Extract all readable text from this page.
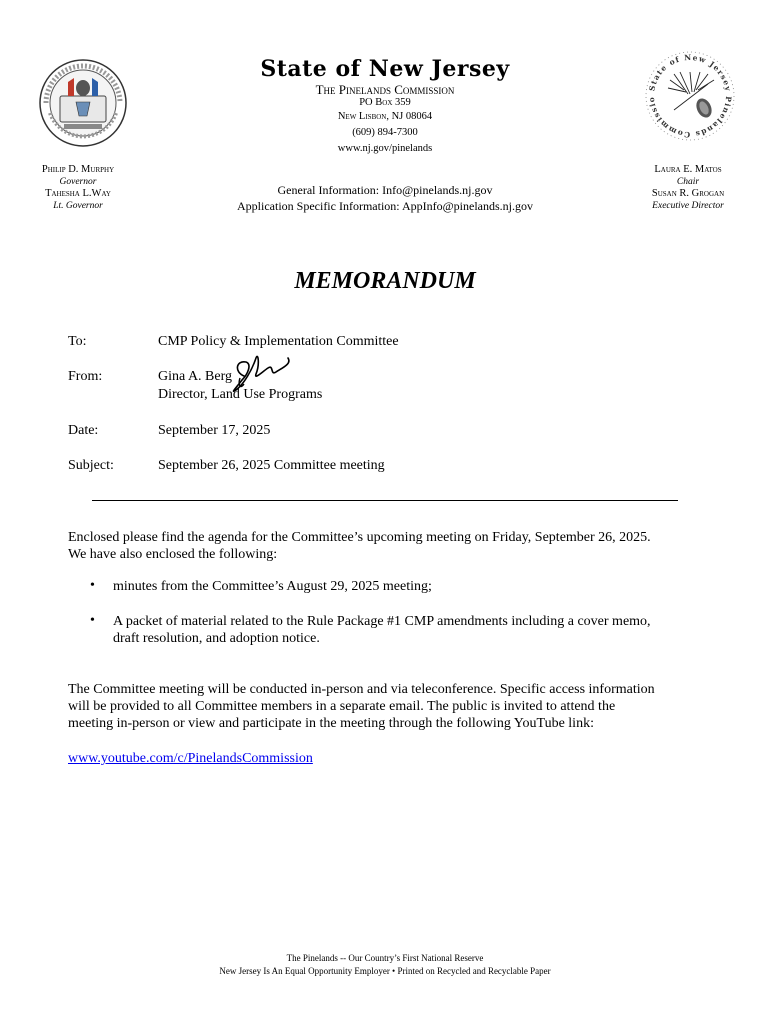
State of New Jersey Pinelands Commissio
State of New Jersey
The Pinelands Commission
PO Box 359
New Lisbon, NJ 08064
(609) 894-7300
www.nj.gov/pinelands
General Information: Info@pinelands.nj.gov
Application Specific Information: AppInfo@pinelands.nj.gov
Philip D. Murphy
Governor
Tahesha L.Way
Lt. Governor
Laura E. Matos
Chair
Susan R. Grogan
Executive Director
MEMORANDUM
To:	CMP Policy & Implementation Committee
From:	Gina A. Berg
Director, Land Use Programs
Date:	September 17, 2025
Subject:	September 26, 2025 Committee meeting
Enclosed please find the agenda for the Committee’s upcoming meeting on Friday, September 26, 2025.
We have also enclosed the following:
• minutes from the Committee’s August 29, 2025 meeting;
• A packet of material related to the Rule Package #1 CMP amendments including a cover memo,
draft resolution, and adoption notice.
The Committee meeting will be conducted in-person and via teleconference. Specific access information
will be provided to all Committee members in a separate email. The public is invited to attend the
meeting in-person or view and participate in the meeting through the following YouTube link:
www.youtube.com/c/PinelandsCommission
The Pinelands -- Our Country’s First National Reserve
New Jersey Is An Equal Opportunity Employer • Printed on Recycled and Recyclable Paper
